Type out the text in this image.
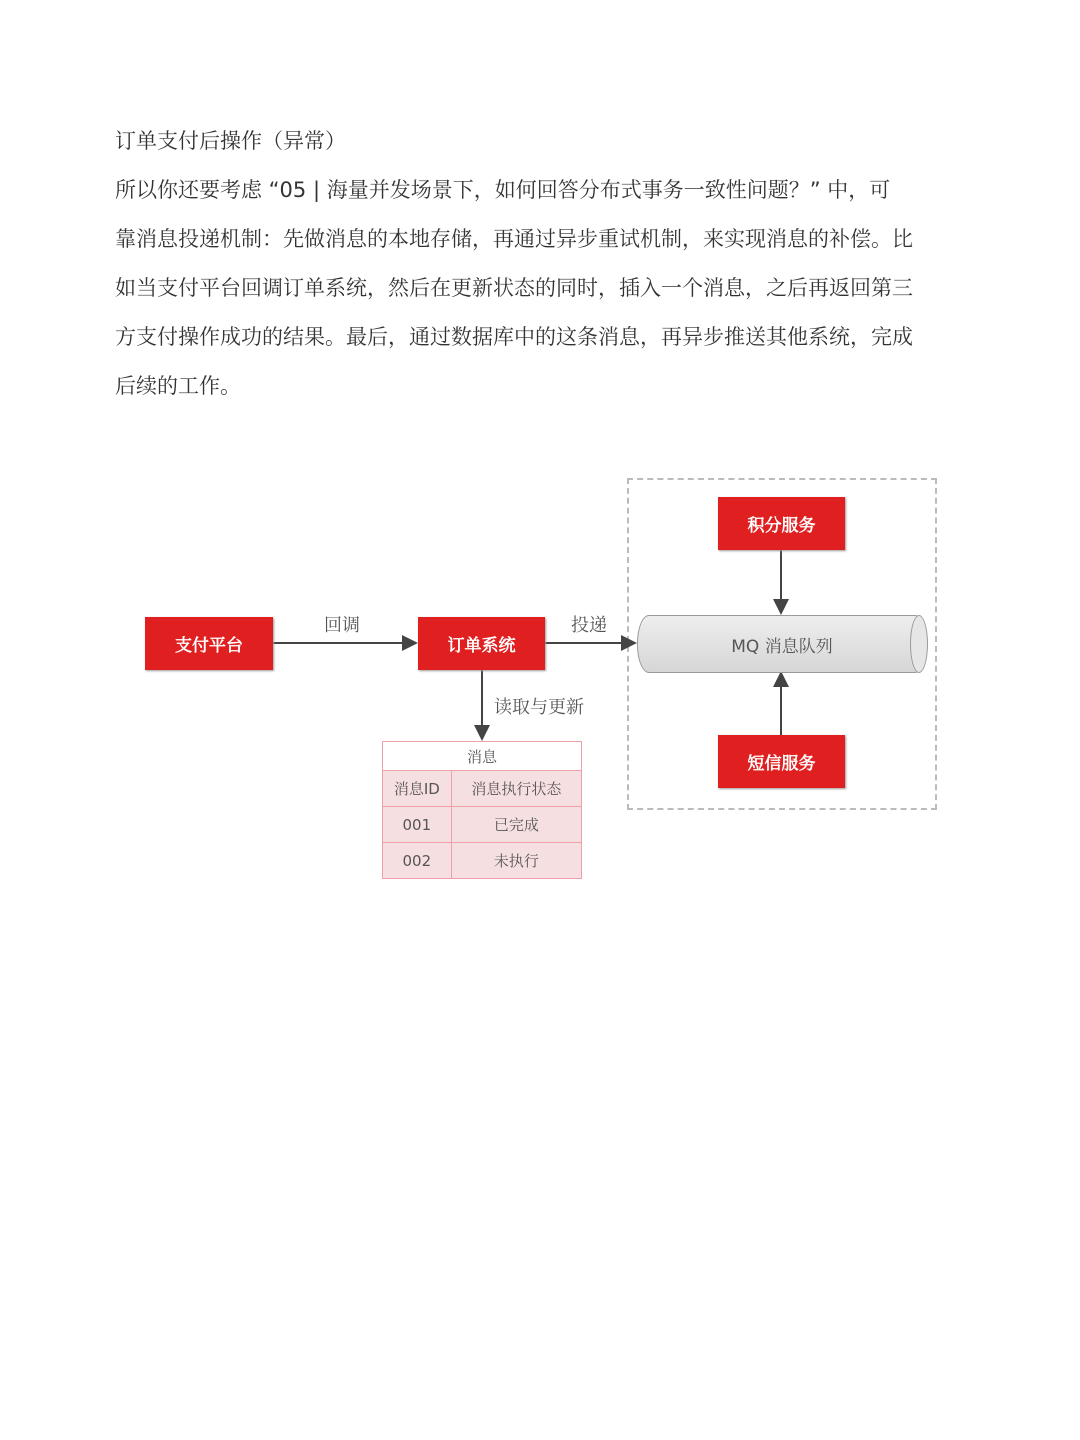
订单支付后操作（异常）
所以你还要考虑 “05 | 海量并发场景下，如何回答分布式事务一致性问题？” 中，可
靠消息投递机制：先做消息的本地存储，再通过异步重试机制，来实现消息的补偿。比
如当支付平台回调订单系统，然后在更新状态的同时，插入一个消息，之后再返回第三
方支付操作成功的结果。最后，通过数据库中的这条消息，再异步推送其他系统，完成
后续的工作。
支付平台	订单系统
积分服务
短信服务
MQ 消息队列
回调	投递
读取与更新
消息	
消息ID	消息执行状态
001	已完成
002	未执行
